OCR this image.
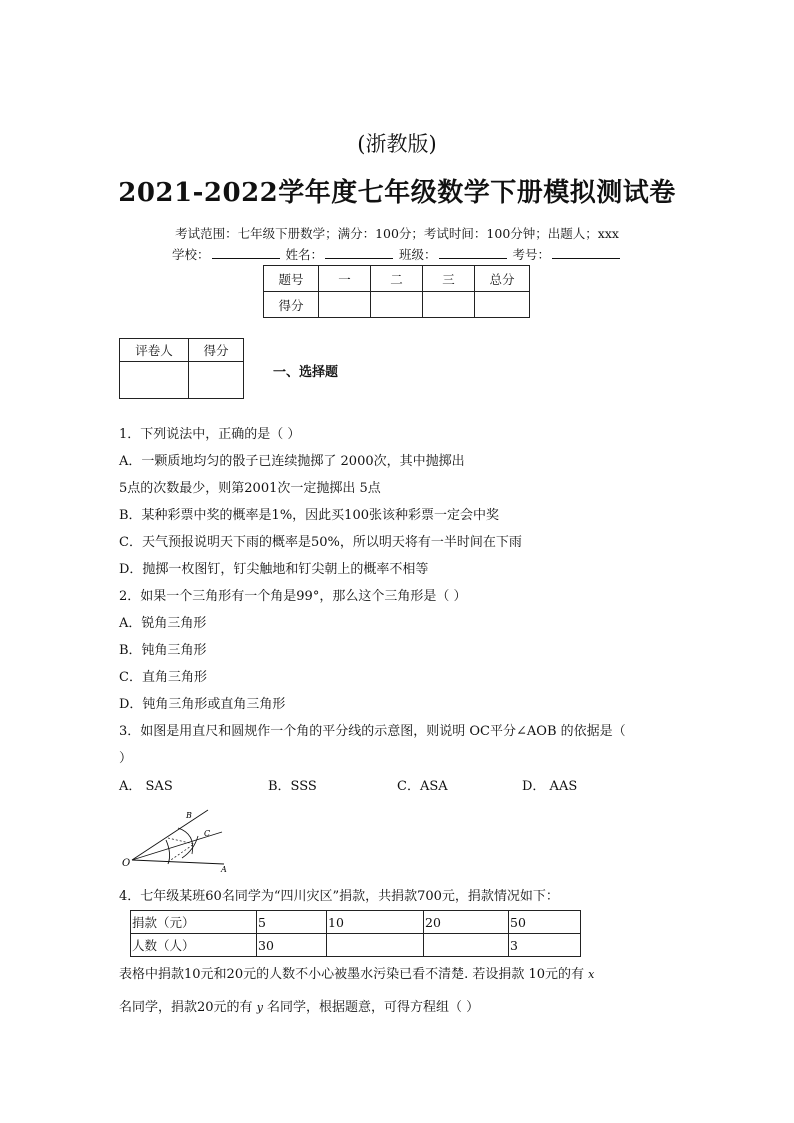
(浙教版)
2021-2022学年度七年级数学下册模拟测试卷
考试范围：七年级下册数学；满分：100分；考试时间：100分钟；出题人；xxx
学校：	姓名：	班级：	考号：
题号	一	二	三	总分
得分				
评卷人	得分

一、选择题
1．下列说法中，正确的是（ ）
A．一颗质地均匀的骰子已连续抛掷了 2000次，其中抛掷出
5点的次数最少，则第2001次一定抛掷出 5点
B．某种彩票中奖的概率是1%，因此买100张该种彩票一定会中奖
C．天气预报说明天下雨的概率是50%，所以明天将有一半时间在下雨
D．抛掷一枚图钉，钉尖触地和钉尖朝上的概率不相等
2．如果一个三角形有一个角是99°，那么这个三角形是（ ）
A．锐角三角形
B．钝角三角形
C．直角三角形
D．钝角三角形或直角三角形
3．如图是用直尺和圆规作一个角的平分线的示意图，则说明 OC平分∠AOB 的依据是（
）
A． SAS	B．SSS	C．ASA	D． AAS
O
A
B
C
4．七年级某班60名同学为“四川灾区”捐款，共捐款700元，捐款情况如下：
捐款（元）	5	10	20	50
人数（人）	30			3
表格中捐款10元和20元的人数不小心被墨水污染已看不清楚. 若设捐款 10元的有 x
名同学，捐款20元的有 y 名同学，根据题意，可得方程组（ ）
